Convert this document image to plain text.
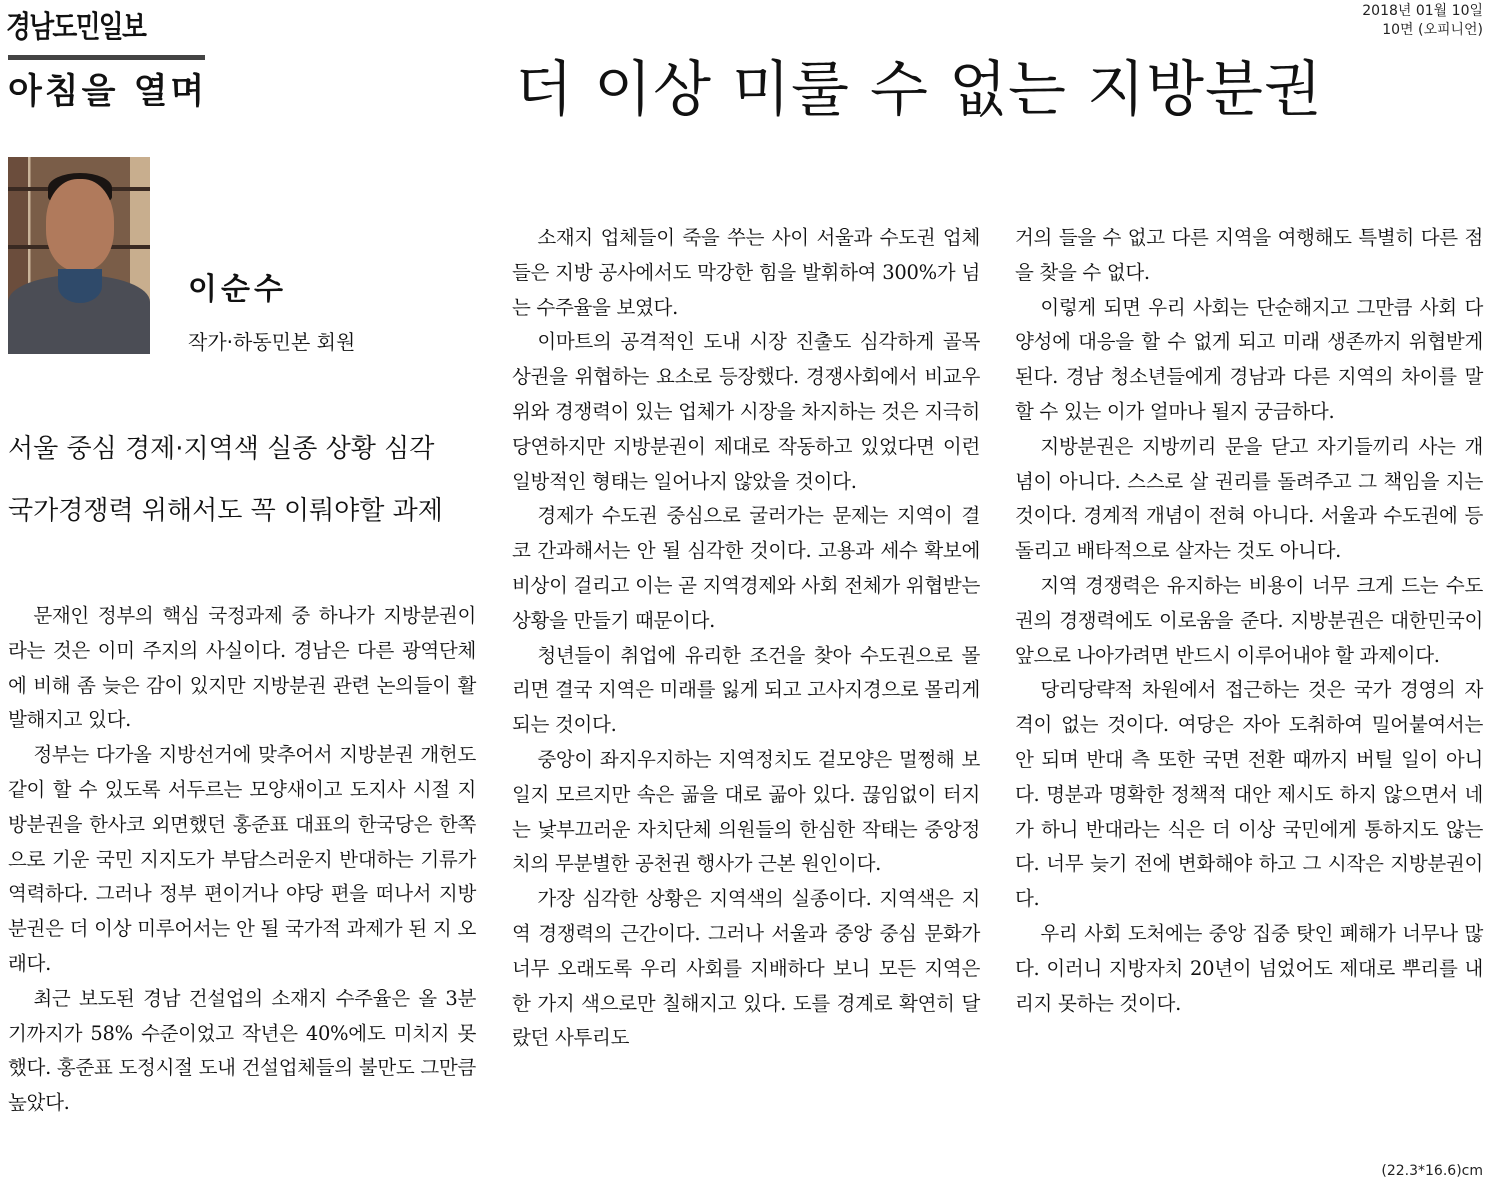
경남도민일보	2018년 01월 10일
10면 (오피니언)
아침을 열며	더 이상 미룰 수 없는 지방분권
이순수
작가·하동민본 회원
서울 중심 경제·지역색 실종 상황 심각
국가경쟁력 위해서도 꼭 이뤄야할 과제

문재인 정부의 핵심 국정과제 중 하나가 지방분권이라는 것은 이미 주지의 사실이다. 경남은 다른 광역단체에 비해 좀 늦은 감이 있지만 지방분권 관련 논의들이 활발해지고 있다.

정부는 다가올 지방선거에 맞추어서 지방분권 개헌도 같이 할 수 있도록 서두르는 모양새이고 도지사 시절 지방분권을 한사코 외면했던 홍준표 대표의 한국당은 한쪽으로 기운 국민 지지도가 부담스러운지 반대하는 기류가 역력하다. 그러나 정부 편이거나 야당 편을 떠나서 지방분권은 더 이상 미루어서는 안 될 국가적 과제가 된 지 오래다.

최근 보도된 경남 건설업의 소재지 수주율은 올 3분기까지가 58% 수준이었고 작년은 40%에도 미치지 못했다. 홍준표 도정시절 도내 건설업체들의 불만도 그만큼 높았다.

소재지 업체들이 죽을 쑤는 사이 서울과 수도권 업체들은 지방 공사에서도 막강한 힘을 발휘하여 300%가 넘는 수주율을 보였다.

이마트의 공격적인 도내 시장 진출도 심각하게 골목상권을 위협하는 요소로 등장했다. 경쟁사회에서 비교우위와 경쟁력이 있는 업체가 시장을 차지하는 것은 지극히 당연하지만 지방분권이 제대로 작동하고 있었다면 이런 일방적인 형태는 일어나지 않았을 것이다.

경제가 수도권 중심으로 굴러가는 문제는 지역이 결코 간과해서는 안 될 심각한 것이다. 고용과 세수 확보에 비상이 걸리고 이는 곧 지역경제와 사회 전체가 위협받는 상황을 만들기 때문이다.

청년들이 취업에 유리한 조건을 찾아 수도권으로 몰리면 결국 지역은 미래를 잃게 되고 고사지경으로 몰리게 되는 것이다.

중앙이 좌지우지하는 지역정치도 겉모양은 멀쩡해 보일지 모르지만 속은 곪을 대로 곪아 있다. 끊임없이 터지는 낯부끄러운 자치단체 의원들의 한심한 작태는 중앙정치의 무분별한 공천권 행사가 근본 원인이다.

가장 심각한 상황은 지역색의 실종이다. 지역색은 지역 경쟁력의 근간이다. 그러나 서울과 중앙 중심 문화가 너무 오래도록 우리 사회를 지배하다 보니 모든 지역은 한 가지 색으로만 칠해지고 있다. 도를 경계로 확연히 달랐던 사투리도

거의 들을 수 없고 다른 지역을 여행해도 특별히 다른 점을 찾을 수 없다.

이렇게 되면 우리 사회는 단순해지고 그만큼 사회 다양성에 대응을 할 수 없게 되고 미래 생존까지 위협받게 된다. 경남 청소년들에게 경남과 다른 지역의 차이를 말할 수 있는 이가 얼마나 될지 궁금하다.

지방분권은 지방끼리 문을 닫고 자기들끼리 사는 개념이 아니다. 스스로 살 권리를 돌려주고 그 책임을 지는 것이다. 경계적 개념이 전혀 아니다. 서울과 수도권에 등 돌리고 배타적으로 살자는 것도 아니다.

지역 경쟁력은 유지하는 비용이 너무 크게 드는 수도권의 경쟁력에도 이로움을 준다. 지방분권은 대한민국이 앞으로 나아가려면 반드시 이루어내야 할 과제이다.

당리당략적 차원에서 접근하는 것은 국가 경영의 자격이 없는 것이다. 여당은 자아 도취하여 밀어붙여서는 안 되며 반대 측 또한 국면 전환 때까지 버틸 일이 아니다. 명분과 명확한 정책적 대안 제시도 하지 않으면서 네가 하니 반대라는 식은 더 이상 국민에게 통하지도 않는다. 너무 늦기 전에 변화해야 하고 그 시작은 지방분권이다.

우리 사회 도처에는 중앙 집중 탓인 폐해가 너무나 많다. 이러니 지방자치 20년이 넘었어도 제대로 뿌리를 내리지 못하는 것이다.

(22.3*16.6)cm
